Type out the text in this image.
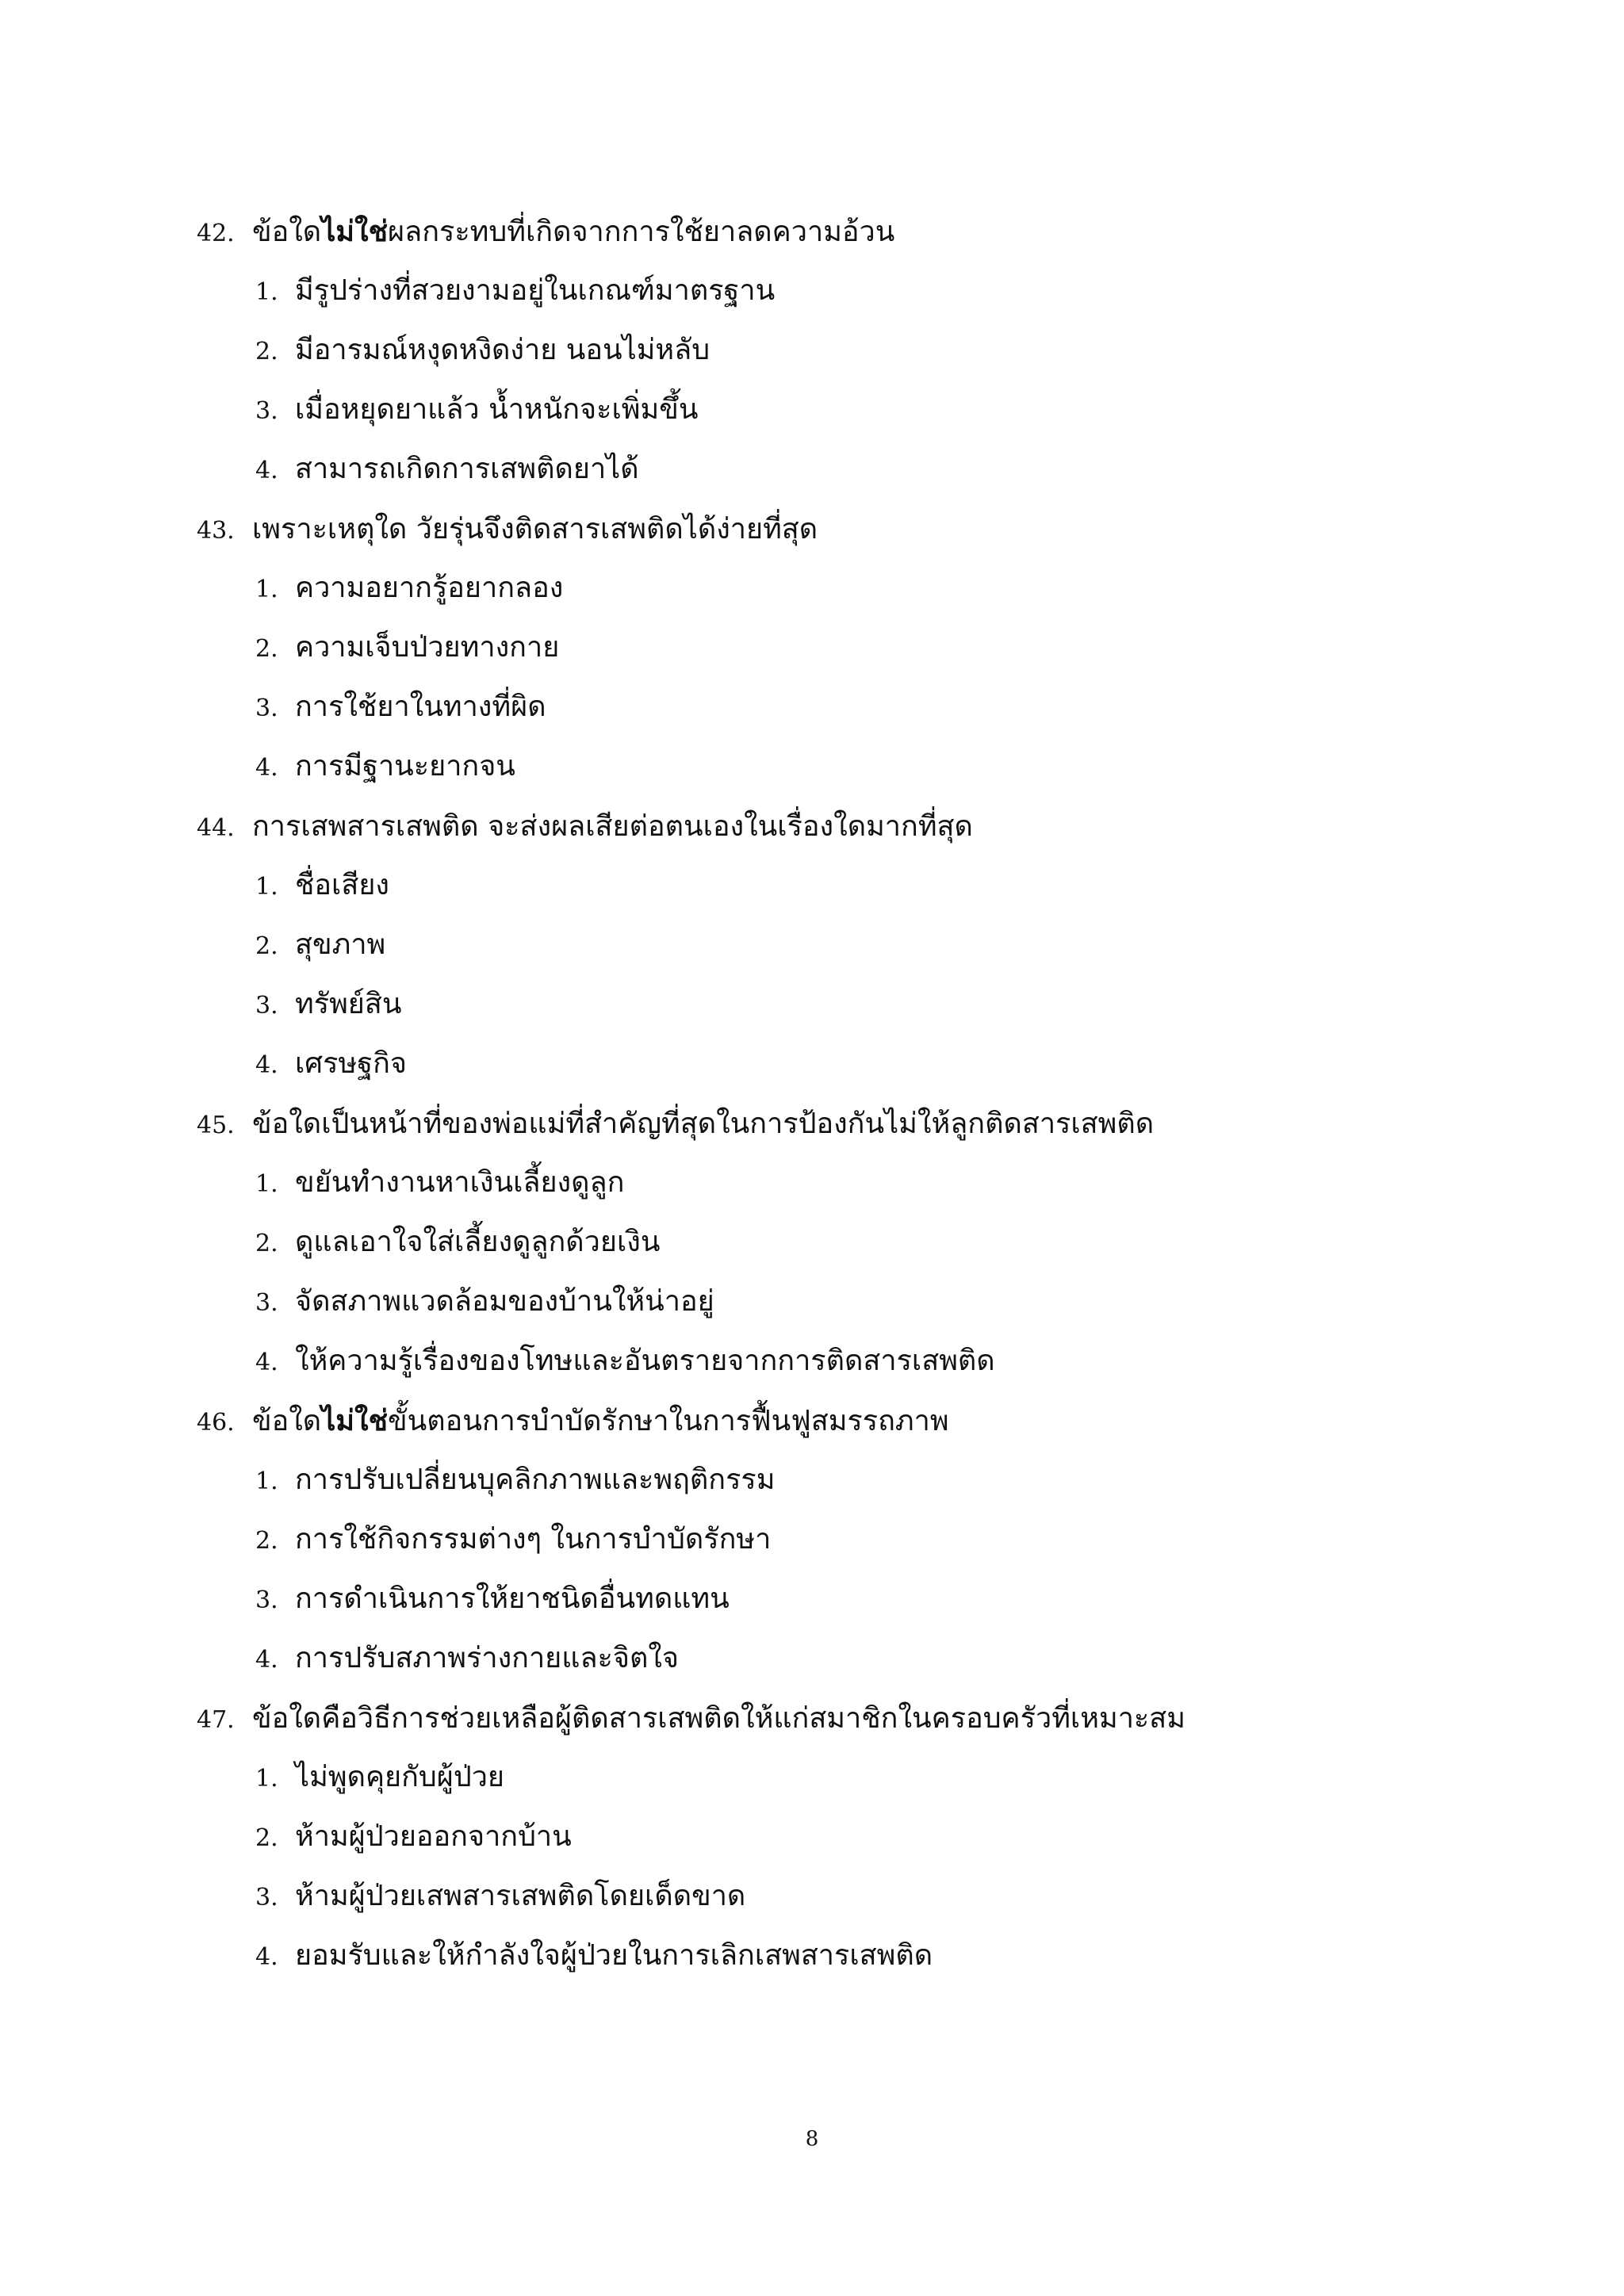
42. ข้อใดไม่ใช่ผลกระทบที่เกิดจากการใช้ยาลดความอ้วน
1. มีรูปร่างที่สวยงามอยู่ในเกณฑ์มาตรฐาน
2. มีอารมณ์หงุดหงิดง่าย นอนไม่หลับ
3. เมื่อหยุดยาแล้ว น้ำหนักจะเพิ่มขึ้น
4. สามารถเกิดการเสพติดยาได้
43. เพราะเหตุใด วัยรุ่นจึงติดสารเสพติดได้ง่ายที่สุด
1. ความอยากรู้อยากลอง
2. ความเจ็บป่วยทางกาย
3. การใช้ยาในทางที่ผิด
4. การมีฐานะยากจน
44. การเสพสารเสพติด จะส่งผลเสียต่อตนเองในเรื่องใดมากที่สุด
1. ชื่อเสียง
2. สุขภาพ
3. ทรัพย์สิน
4. เศรษฐกิจ
45. ข้อใดเป็นหน้าที่ของพ่อแม่ที่สำคัญที่สุดในการป้องกันไม่ให้ลูกติดสารเสพติด
1. ขยันทำงานหาเงินเลี้ยงดูลูก
2. ดูแลเอาใจใส่เลี้ยงดูลูกด้วยเงิน
3. จัดสภาพแวดล้อมของบ้านให้น่าอยู่
4. ให้ความรู้เรื่องของโทษและอันตรายจากการติดสารเสพติด
46. ข้อใดไม่ใช่ขั้นตอนการบำบัดรักษาในการฟื้นฟูสมรรถภาพ
1. การปรับเปลี่ยนบุคลิกภาพและพฤติกรรม
2. การใช้กิจกรรมต่างๆ ในการบำบัดรักษา
3. การดำเนินการให้ยาชนิดอื่นทดแทน
4. การปรับสภาพร่างกายและจิตใจ
47. ข้อใดคือวิธีการช่วยเหลือผู้ติดสารเสพติดให้แก่สมาชิกในครอบครัวที่เหมาะสม
1. ไม่พูดคุยกับผู้ป่วย
2. ห้ามผู้ป่วยออกจากบ้าน
3. ห้ามผู้ป่วยเสพสารเสพติดโดยเด็ดขาด
4. ยอมรับและให้กำลังใจผู้ป่วยในการเลิกเสพสารเสพติด
8
